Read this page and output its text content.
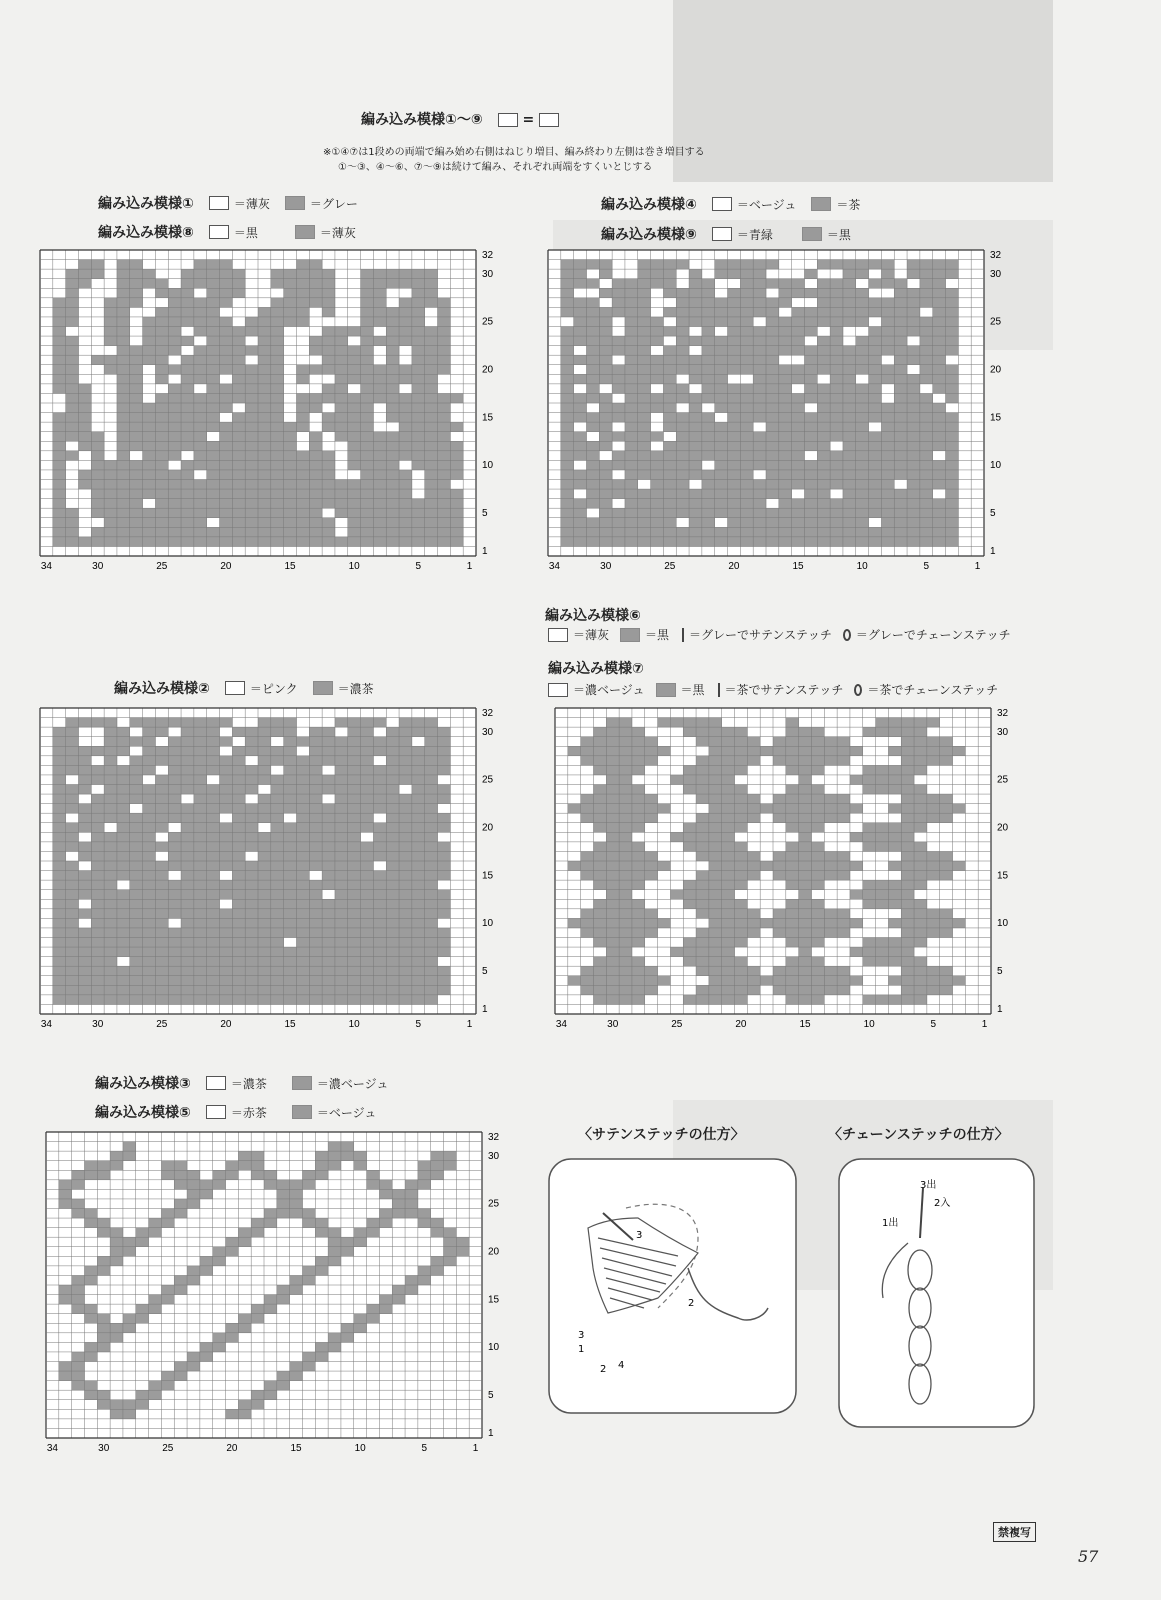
編み込み模様①〜⑨	=
※①④⑦は1段めの両端で編み始め右側はねじり増目、編み終わり左側は巻き増目する
①〜③、④〜⑥、⑦〜⑨は続けて編み、それぞれ両端をすくいとじする
編み込み模様①	＝薄灰	＝グレー
編み込み模様⑧	＝黒	＝薄灰
編み込み模様④	＝ベージュ	＝茶
編み込み模様⑨	＝青緑	＝黒
編み込み模様②	＝ピンク	＝濃茶
編み込み模様⑥
＝薄灰	＝黒 ＝グレーでサテンステッチ ＝グレーでチェーンステッチ
編み込み模様⑦
＝濃ベージュ	＝黒 ＝茶でサテンステッチ ＝茶でチェーンステッチ
編み込み模様③	＝濃茶	＝濃ベージュ
編み込み模様⑤	＝赤茶	＝ベージュ
34	30	25	20	15	10	5	1
32
30
25
20
15
10
5
1
34	30	25	20	15	10	5	1
32
30
25
20
15
10
5
1
34	30	25	20	15	10	5	1
32
30
25
20
15
10
5
1
34	30	25	20	15	10	5	1
32
30
25
20
15
10
5
1
34	30	25	20	15	10	5	1
32
30
25
20
15
10
5
1
〈サテンステッチの仕方〉	〈チェーンステッチの仕方〉
3
2
3
1
2 4
3出
2入
1出
禁複写
57
